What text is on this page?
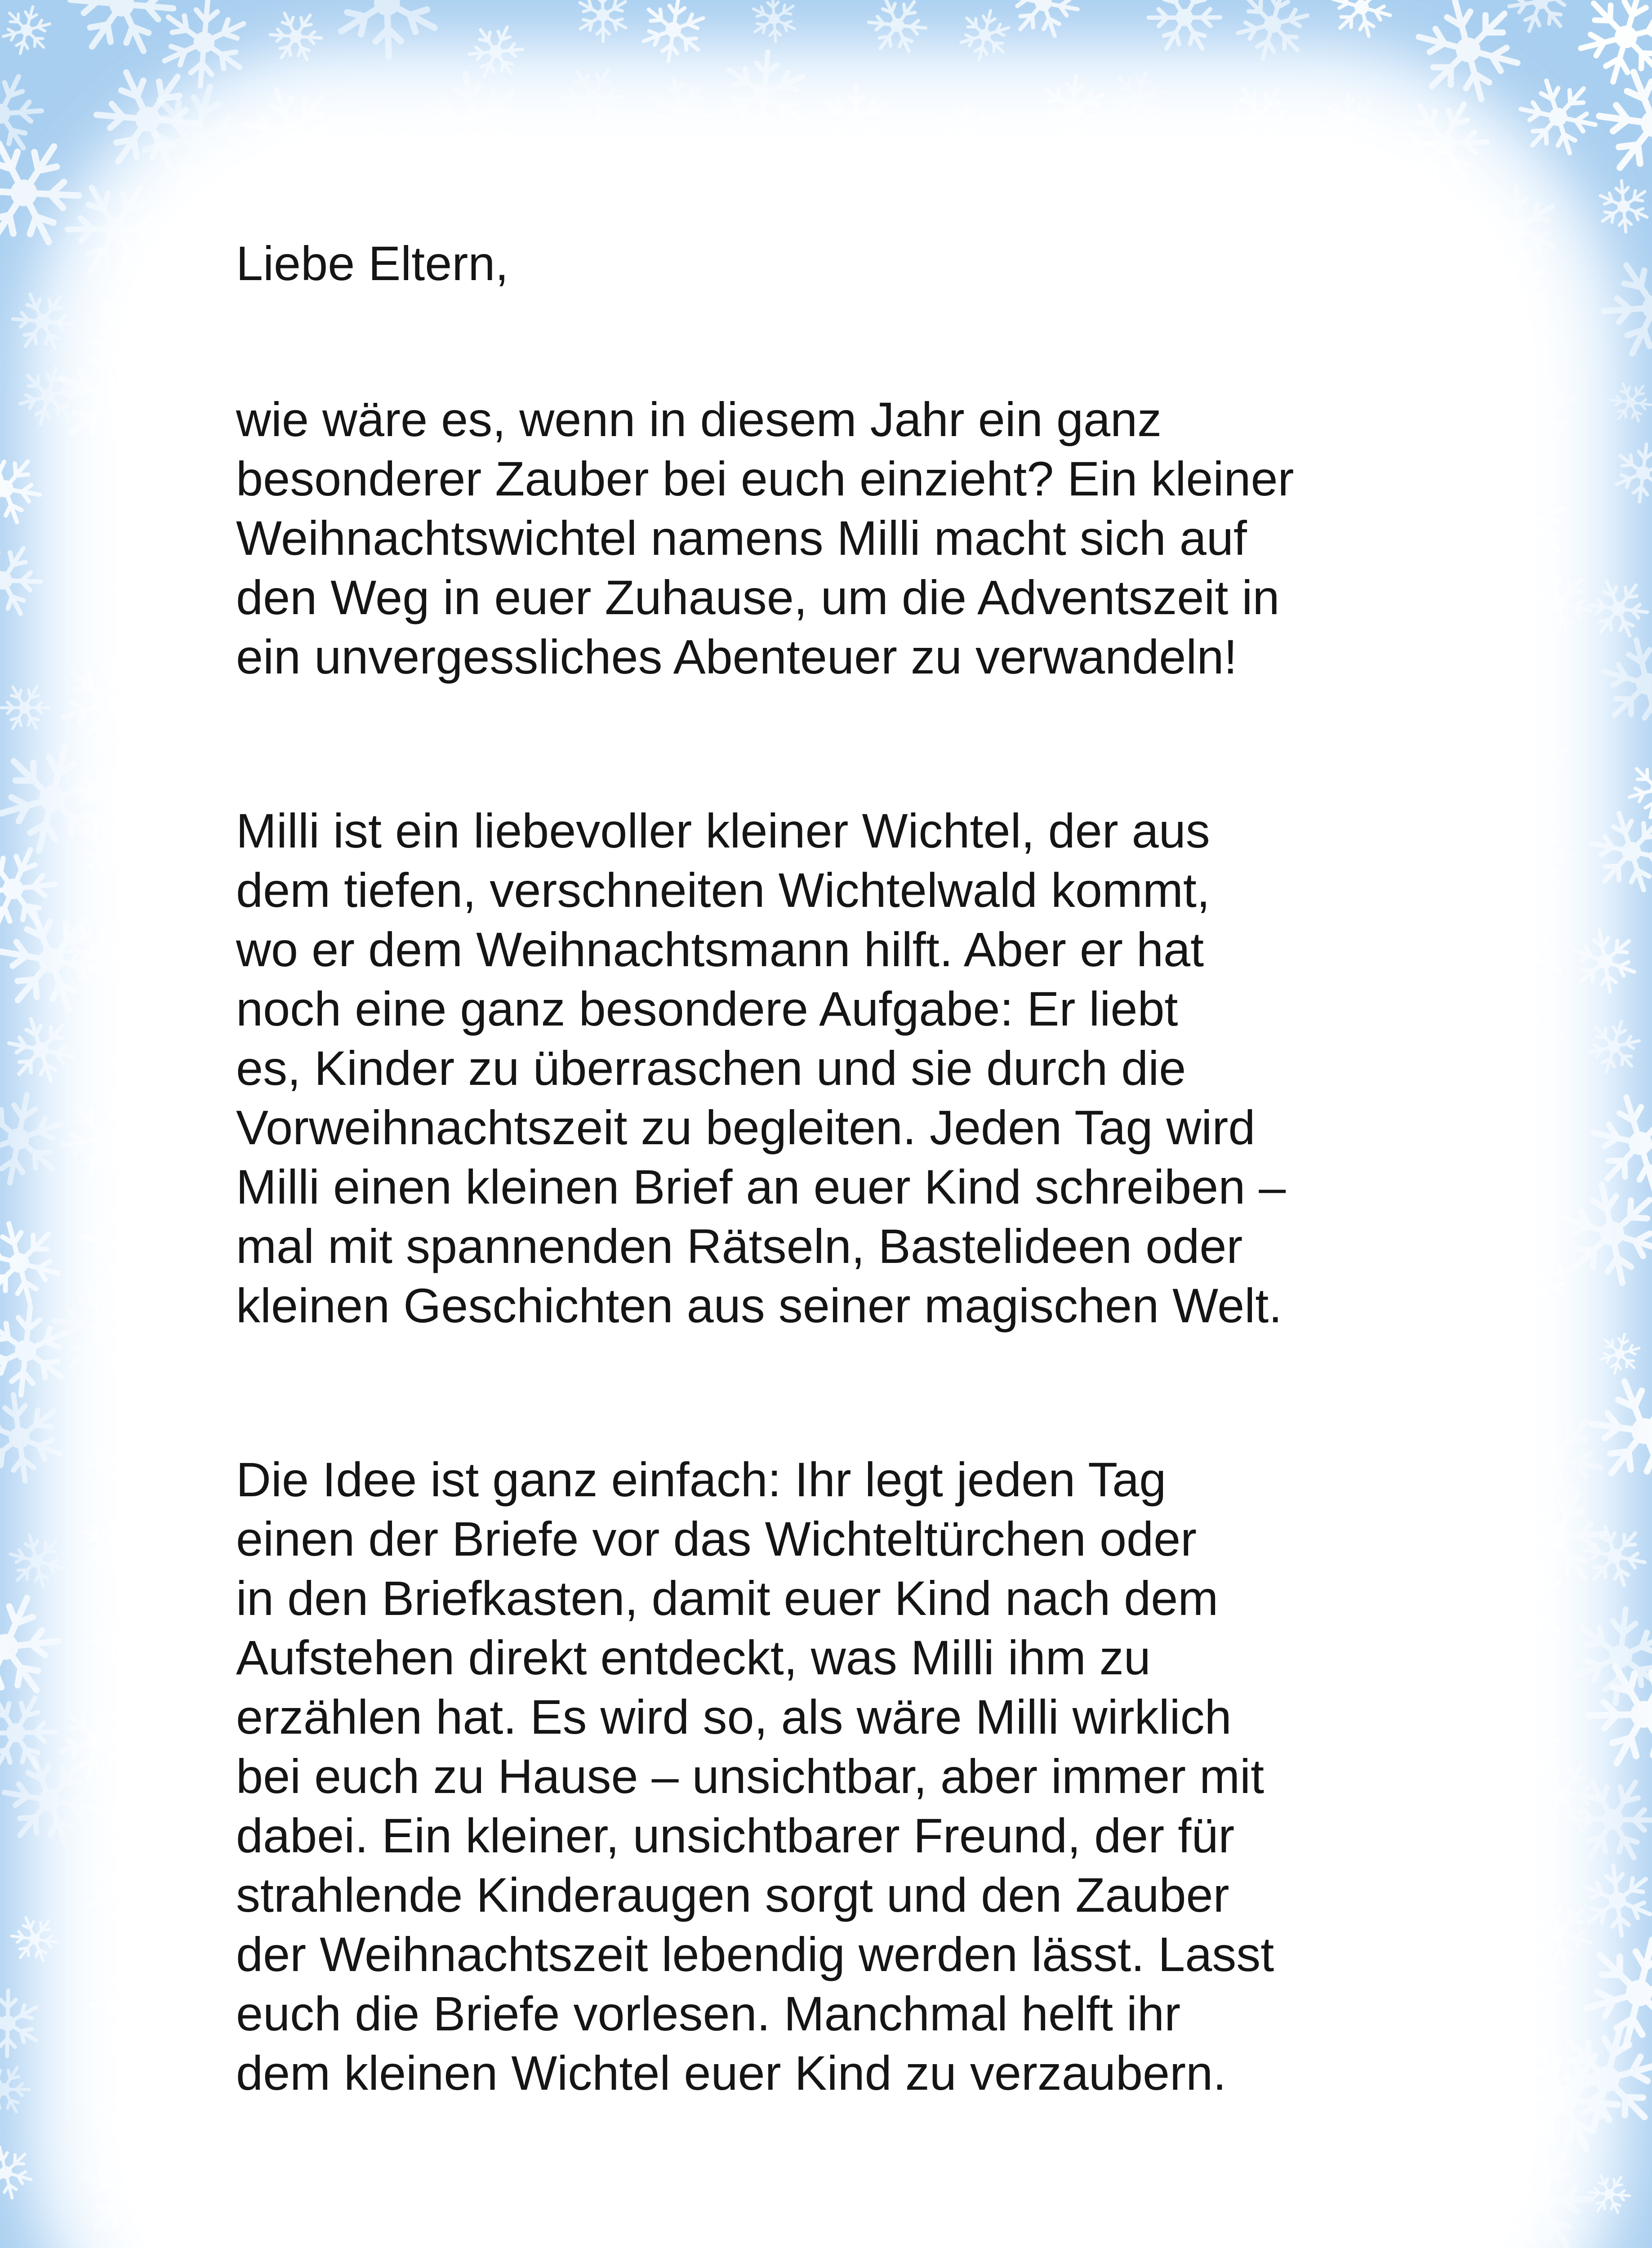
Liebe Eltern,

wie wäre es, wenn in diesem Jahr ein ganz
besonderer Zauber bei euch einzieht? Ein kleiner
Weihnachtswichtel namens Milli macht sich auf
den Weg in euer Zuhause, um die Adventszeit in
ein unvergessliches Abenteuer zu verwandeln!

Milli ist ein liebevoller kleiner Wichtel, der aus
dem tiefen, verschneiten Wichtelwald kommt,
wo er dem Weihnachtsmann hilft. Aber er hat
noch eine ganz besondere Aufgabe: Er liebt
es, Kinder zu überraschen und sie durch die
Vorweihnachtszeit zu begleiten. Jeden Tag wird
Milli einen kleinen Brief an euer Kind schreiben –
mal mit spannenden Rätseln, Bastelideen oder
kleinen Geschichten aus seiner magischen Welt.

Die Idee ist ganz einfach: Ihr legt jeden Tag
einen der Briefe vor das Wichteltürchen oder
in den Briefkasten, damit euer Kind nach dem
Aufstehen direkt entdeckt, was Milli ihm zu
erzählen hat. Es wird so, als wäre Milli wirklich
bei euch zu Hause – unsichtbar, aber immer mit
dabei. Ein kleiner, unsichtbarer Freund, der für
strahlende Kinderaugen sorgt und den Zauber
der Weihnachtszeit lebendig werden lässt. Lasst
euch die Briefe vorlesen. Manchmal helft ihr
dem kleinen Wichtel euer Kind zu verzaubern.
